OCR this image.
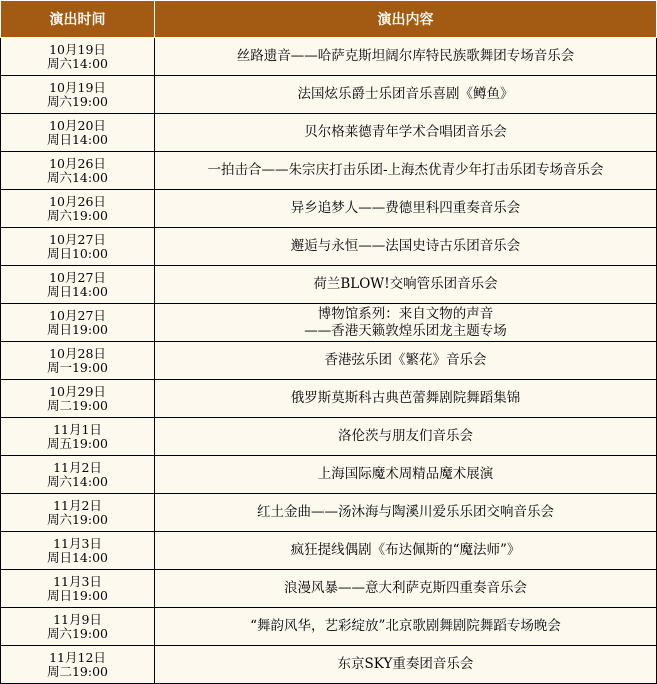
演出时间	演出内容

10月19日
周六14:00	丝路遗音——哈萨克斯坦阔尔库特民族歌舞团专场音乐会

10月19日
周六19:00	法国炫乐爵士乐团音乐喜剧《鳟鱼》

10月20日
周日14:00	贝尔格莱德青年学术合唱团音乐会

10月26日
周六14:00	一拍击合——朱宗庆打击乐团-上海杰优青少年打击乐团专场音乐会

10月26日
周六19:00	异乡追梦人——费德里科四重奏音乐会

10月27日
周日10:00	邂逅与永恒——法国史诗古乐团音乐会

10月27日
周日14:00	荷兰BLOW!交响管乐团音乐会

10月27日
周日19:00	博物馆系列：来自文物的声音
——香港天籁敦煌乐团龙主题专场

10月28日
周一19:00	香港弦乐团《繁花》音乐会

10月29日
周二19:00	俄罗斯莫斯科古典芭蕾舞剧院舞蹈集锦

11月1日
周五19:00	洛伦茨与朋友们音乐会

11月2日
周六14:00	上海国际魔术周精品魔术展演

11月2日
周六19:00	红土金曲——汤沐海与陶溪川爱乐乐团交响音乐会

11月3日
周日14:00	疯狂提线偶剧《布达佩斯的“魔法师”》

11月3日
周日19:00	浪漫风暴——意大利萨克斯四重奏音乐会

11月9日
周六19:00	“舞韵风华，艺彩绽放”北京歌剧舞剧院舞蹈专场晚会

11月12日
周二19:00	东京SKY重奏团音乐会
